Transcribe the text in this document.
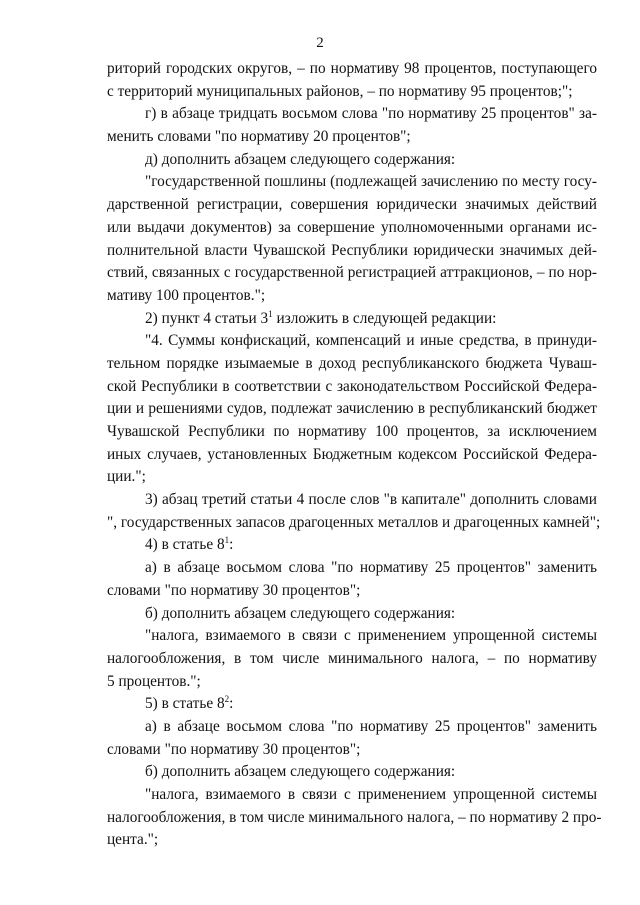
2
риторий городских округов, – по нормативу 98 процентов, поступающего
с территорий муниципальных районов, – по нормативу 95 процентов;";
г) в абзаце тридцать восьмом слова "по нормативу 25 процентов" за-
менить словами "по нормативу 20 процентов";
д) дополнить абзацем следующего содержания:
"государственной пошлины (подлежащей зачислению по месту госу-
дарственной регистрации, совершения юридически значимых действий
или выдачи документов) за совершение уполномоченными органами ис-
полнительной власти Чувашской Республики юридически значимых дей-
ствий, связанных с государственной регистрацией аттракционов, – по нор-
мативу 100 процентов.";
2) пункт 4 статьи $3^1$ изложить в следующей редакции:
"4. Суммы конфискаций, компенсаций и иные средства, в принуди-
тельном порядке изымаемые в доход республиканского бюджета Чуваш-
ской Республики в соответствии с законодательством Российской Федера-
ции и решениями судов, подлежат зачислению в республиканский бюджет
Чувашской Республики по нормативу 100 процентов, за исключением
иных случаев, установленных Бюджетным кодексом Российской Федера-
ции.";
3) абзац третий статьи 4 после слов "в капитале" дополнить словами
", государственных запасов драгоценных металлов и драгоценных камней";
4) в статье $8^1$:
а) в абзаце восьмом слова "по нормативу 25 процентов" заменить
словами "по нормативу 30 процентов";
б) дополнить абзацем следующего содержания:
"налога, взимаемого в связи с применением упрощенной системы
налогообложения, в том числе минимального налога, – по нормативу
5 процентов.";
5) в статье $8^2$:
а) в абзаце восьмом слова "по нормативу 25 процентов" заменить
словами "по нормативу 30 процентов";
б) дополнить абзацем следующего содержания:
"налога, взимаемого в связи с применением упрощенной системы
налогообложения, в том числе минимального налога, – по нормативу 2 про-
цента.";
